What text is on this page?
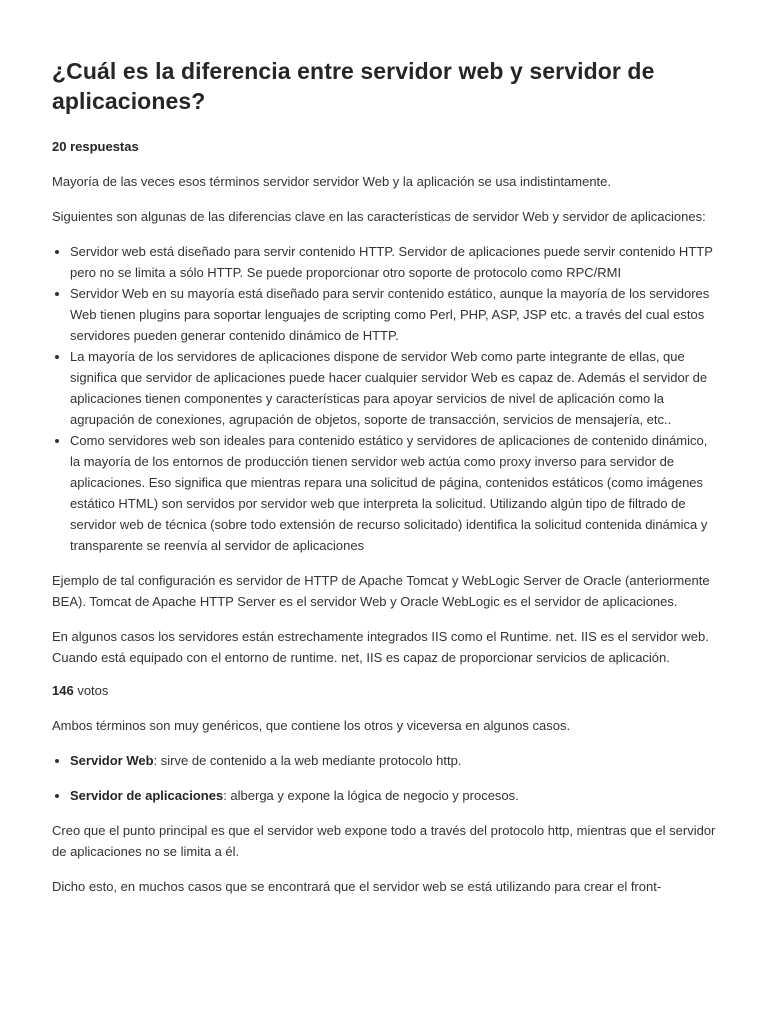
¿Cuál es la diferencia entre servidor web y servidor de aplicaciones?
20 respuestas

Mayoría de las veces esos términos servidor servidor Web y la aplicación se usa indistintamente.

Siguientes son algunas de las diferencias clave en las características de servidor Web y servidor de aplicaciones:

• Servidor web está diseñado para servir contenido HTTP. Servidor de aplicaciones puede servir contenido HTTP pero no se limita a sólo HTTP. Se puede proporcionar otro soporte de protocolo como RPC/RMI
• Servidor Web en su mayoría está diseñado para servir contenido estático, aunque la mayoría de los servidores Web tienen plugins para soportar lenguajes de scripting como Perl, PHP, ASP, JSP etc. a través del cual estos servidores pueden generar contenido dinámico de HTTP.
• La mayoría de los servidores de aplicaciones dispone de servidor Web como parte integrante de ellas, que significa que servidor de aplicaciones puede hacer cualquier servidor Web es capaz de. Además el servidor de aplicaciones tienen componentes y características para apoyar servicios de nivel de aplicación como la agrupación de conexiones, agrupación de objetos, soporte de transacción, servicios de mensajería, etc..
• Como servidores web son ideales para contenido estático y servidores de aplicaciones de contenido dinámico, la mayoría de los entornos de producción tienen servidor web actúa como proxy inverso para servidor de aplicaciones. Eso significa que mientras repara una solicitud de página, contenidos estáticos (como imágenes estático HTML) son servidos por servidor web que interpreta la solicitud. Utilizando algún tipo de filtrado de servidor web de técnica (sobre todo extensión de recurso solicitado) identifica la solicitud contenida dinámica y transparente se reenvía al servidor de aplicaciones

Ejemplo de tal configuración es servidor de HTTP de Apache Tomcat y WebLogic Server de Oracle (anteriormente BEA). Tomcat de Apache HTTP Server es el servidor Web y Oracle WebLogic es el servidor de aplicaciones.

En algunos casos los servidores están estrechamente integrados IIS como el Runtime. net. IIS es el servidor web. Cuando está equipado con el entorno de runtime. net, IIS es capaz de proporcionar servicios de aplicación.

146 votos

Ambos términos son muy genéricos, que contiene los otros y viceversa en algunos casos.

• Servidor Web: sirve de contenido a la web mediante protocolo http.
• Servidor de aplicaciones: alberga y expone la lógica de negocio y procesos.

Creo que el punto principal es que el servidor web expone todo a través del protocolo http, mientras que el servidor de aplicaciones no se limita a él.

Dicho esto, en muchos casos que se encontrará que el servidor web se está utilizando para crear el front-
